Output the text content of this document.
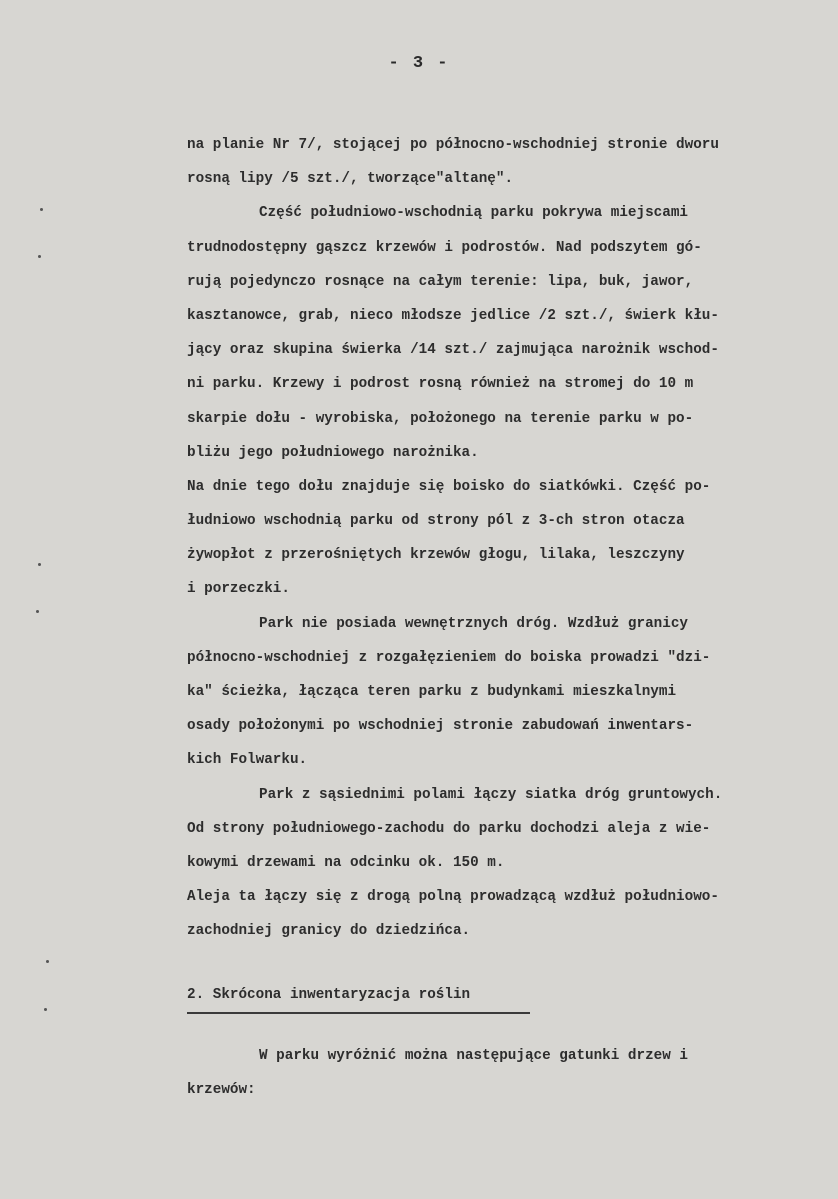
- 3 -
na planie Nr 7/, stojącej po północno-wschodniej stronie dworu
rosną lipy /5 szt./, tworzące"altanę".
Część południowo-wschodnią parku pokrywa miejscami
trudnodostępny gąszcz krzewów i podrostów. Nad podszytem gó-
rują pojedynczo rosnące na całym terenie: lipa, buk, jawor,
kasztanowce, grab, nieco młodsze jedlice /2 szt./, świerk kłu-
jący oraz skupina świerka /14 szt./ zajmująca narożnik wschod-
ni parku. Krzewy i podrost rosną również na stromej do 10 m
skarpie dołu - wyrobiska, położonego na terenie parku w po-
bliżu jego południowego narożnika.
Na dnie tego dołu znajduje się boisko do siatkówki. Część po-
łudniowo wschodnią parku od strony pól z 3-ch stron otacza
żywopłot z przerośniętych krzewów głogu, lilaka, leszczyny
i porzeczki.
Park nie posiada wewnętrznych dróg. Wzdłuż granicy
północno-wschodniej z rozgałęzieniem do boiska prowadzi "dzi-
ka" ścieżka, łącząca teren parku z budynkami mieszkalnymi
osady położonymi po wschodniej stronie zabudowań inwentars-
kich Folwarku.
Park z sąsiednimi polami łączy siatka dróg gruntowych.
Od strony południowego-zachodu do parku dochodzi aleja z wie-
kowymi drzewami na odcinku ok. 150 m.
Aleja ta łączy się z drogą polną prowadzącą wzdłuż południowo-
zachodniej granicy do dziedzińca.
2. Skrócona inwentaryzacja roślin
W parku wyróżnić można następujące gatunki drzew i
krzewów:
